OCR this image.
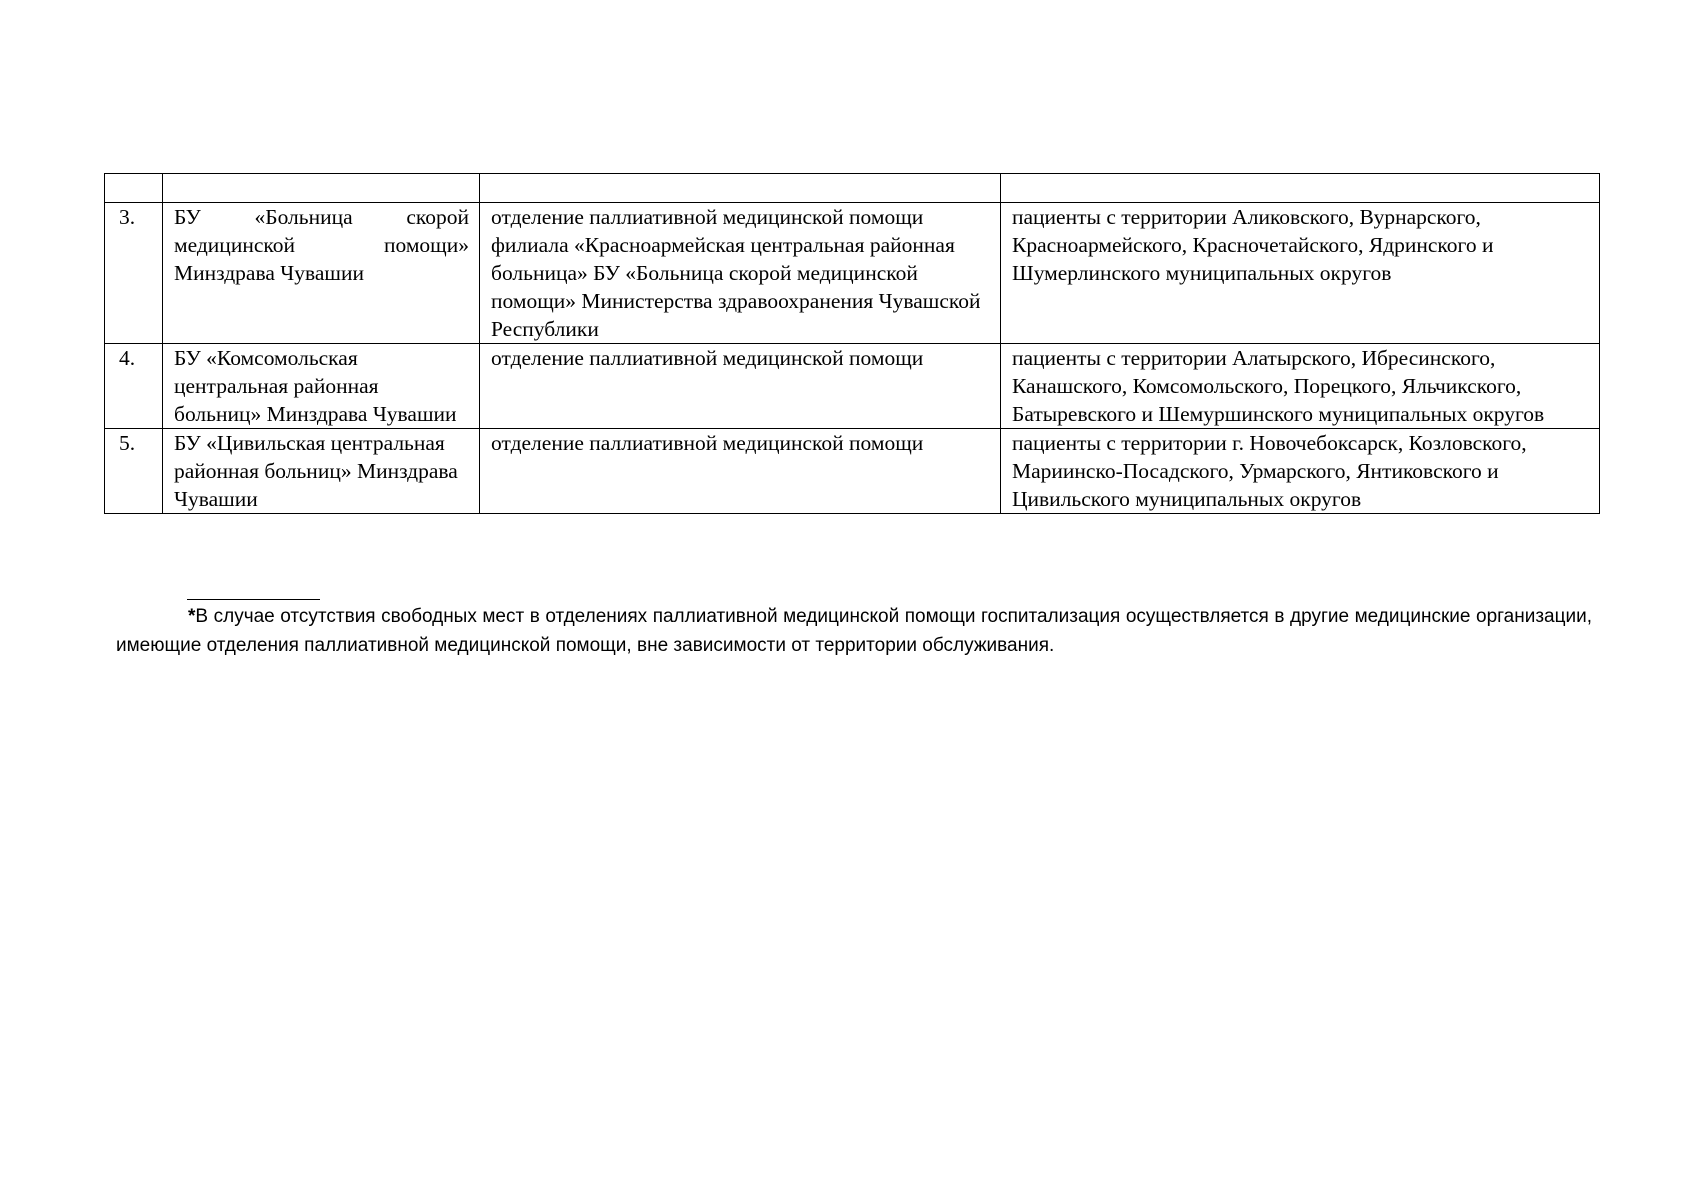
3.	БУ «Больница скорой медицинской помощи» Минздрава Чувашии	отделение паллиативной медицинской помощи филиала «Красноармейская центральная районная больница» БУ «Больница скорой медицинской помощи» Министерства здравоохранения Чувашской Республики	пациенты с территории Аликовского, Вурнарского, Красноармейского, Красночетайского, Ядринского и Шумерлинского муниципальных округов
4.	БУ «Комсомольская центральная районная больниц» Минздрава Чувашии	отделение паллиативной медицинской помощи	пациенты с территории Алатырского, Ибресинского, Канашского, Комсомольского, Порецкого, Яльчикского, Батыревского и Шемуршинского муниципальных округов
5.	БУ «Цивильская центральная районная больниц» Минздрава Чувашии	отделение паллиативной медицинской помощи	пациенты с территории г. Новочебоксарск, Козловского, Мариинско-Посадского, Урмарского, Янтиковского и Цивильского муниципальных округов

*В случае отсутствия свободных мест в отделениях паллиативной медицинской помощи госпитализация осуществляется в другие медицинские организации, имеющие отделения паллиативной медицинской помощи, вне зависимости от территории обслуживания.
